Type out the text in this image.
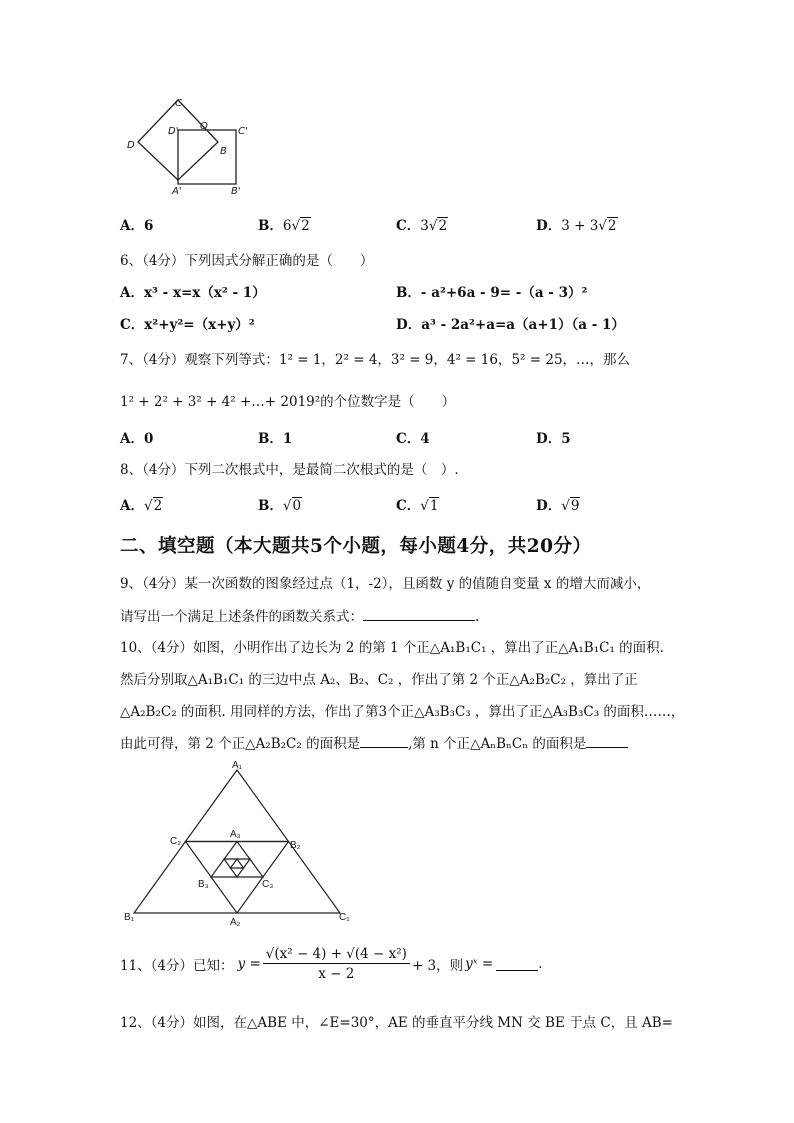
C
D
D' O	C'
B
A'	B'
A．6	B．6√2	C．3√2	D．3 + 3√2
6、（4分）下列因式分解正确的是（　　）
A．x³ - x=x（x² - 1）	B．- a²+6a - 9= -（a - 3）²
C．x²+y²=（x+y）²	D．a³ - 2a²+a=a（a+1）（a - 1）
7、（4分）观察下列等式：1² = 1，2² = 4，3² = 9，4² = 16，5² = 25，…，那么
1² + 2² + 3² + 4² +…+ 2019²的个位数字是（　　）
A．0	B．1	C．4	D．5
8、（4分）下列二次根式中，是最简二次根式的是（　）.
A．√2	B．√0	C．√1	D．√9
二、填空题（本大题共5个小题，每小题4分，共20分）
9、（4分）某一次函数的图象经过点（1，-2），且函数 y 的值随自变量 x 的增大而减小，
请写出一个满足上述条件的函数关系式：	.
10、（4分）如图，小明作出了边长为 2 的第 1 个正△A₁B₁C₁ ，算出了正△A₁B₁C₁ 的面积.
然后分别取△A₁B₁C₁ 的三边中点 A₂、B₂、C₂ ，作出了第 2 个正△A₂B₂C₂ ，算出了正
△A₂B₂C₂ 的面积. 用同样的方法，作出了第3个正△A₃B₃C₃ ，算出了正△A₃B₃C₃ 的面积……，
由此可得，第 2 个正△A₂B₂C₂ 的面积是	,第 n 个正△AₙBₙCₙ 的面积是
A₁
C₂	B₂
A₃
B₃	C₃
B₁	A₂	C₁
11、（4分）已知： $y = \frac{\text{√(x² − 4) + √(4 − x²)}}{x - 2} + 3$，则 yˣ =	.
12、（4分）如图，在△ABE 中，∠E=30°，AE 的垂直平分线 MN 交 BE 于点 C，且 AB=
